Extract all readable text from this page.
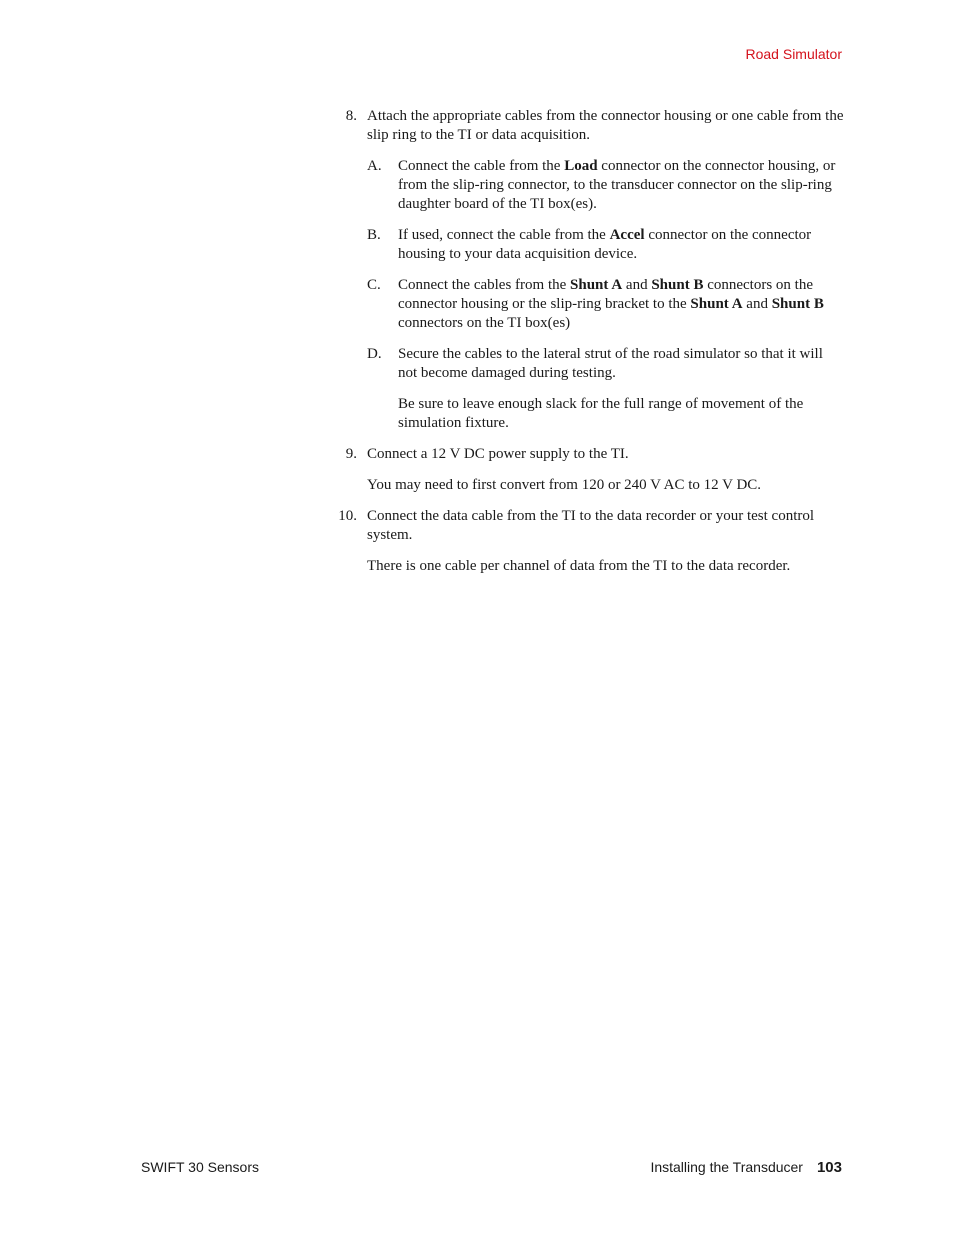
Road Simulator

8. Attach the appropriate cables from the connector housing or one cable from the slip ring to the TI or data acquisition.

A. Connect the cable from the Load connector on the connector housing, or from the slip-ring connector, to the transducer connector on the slip-ring daughter board of the TI box(es).

B. If used, connect the cable from the Accel connector on the connector housing to your data acquisition device.

C. Connect the cables from the Shunt A and Shunt B connectors on the connector housing or the slip-ring bracket to the Shunt A and Shunt B connectors on the TI box(es)

D. Secure the cables to the lateral strut of the road simulator so that it will not become damaged during testing.

Be sure to leave enough slack for the full range of movement of the simulation fixture.

9. Connect a 12 V DC power supply to the TI.

You may need to first convert from 120 or 240 V AC to 12 V DC.

10. Connect the data cable from the TI to the data recorder or your test control system.

There is one cable per channel of data from the TI to the data recorder.

SWIFT 30 Sensors	Installing the Transducer 103
